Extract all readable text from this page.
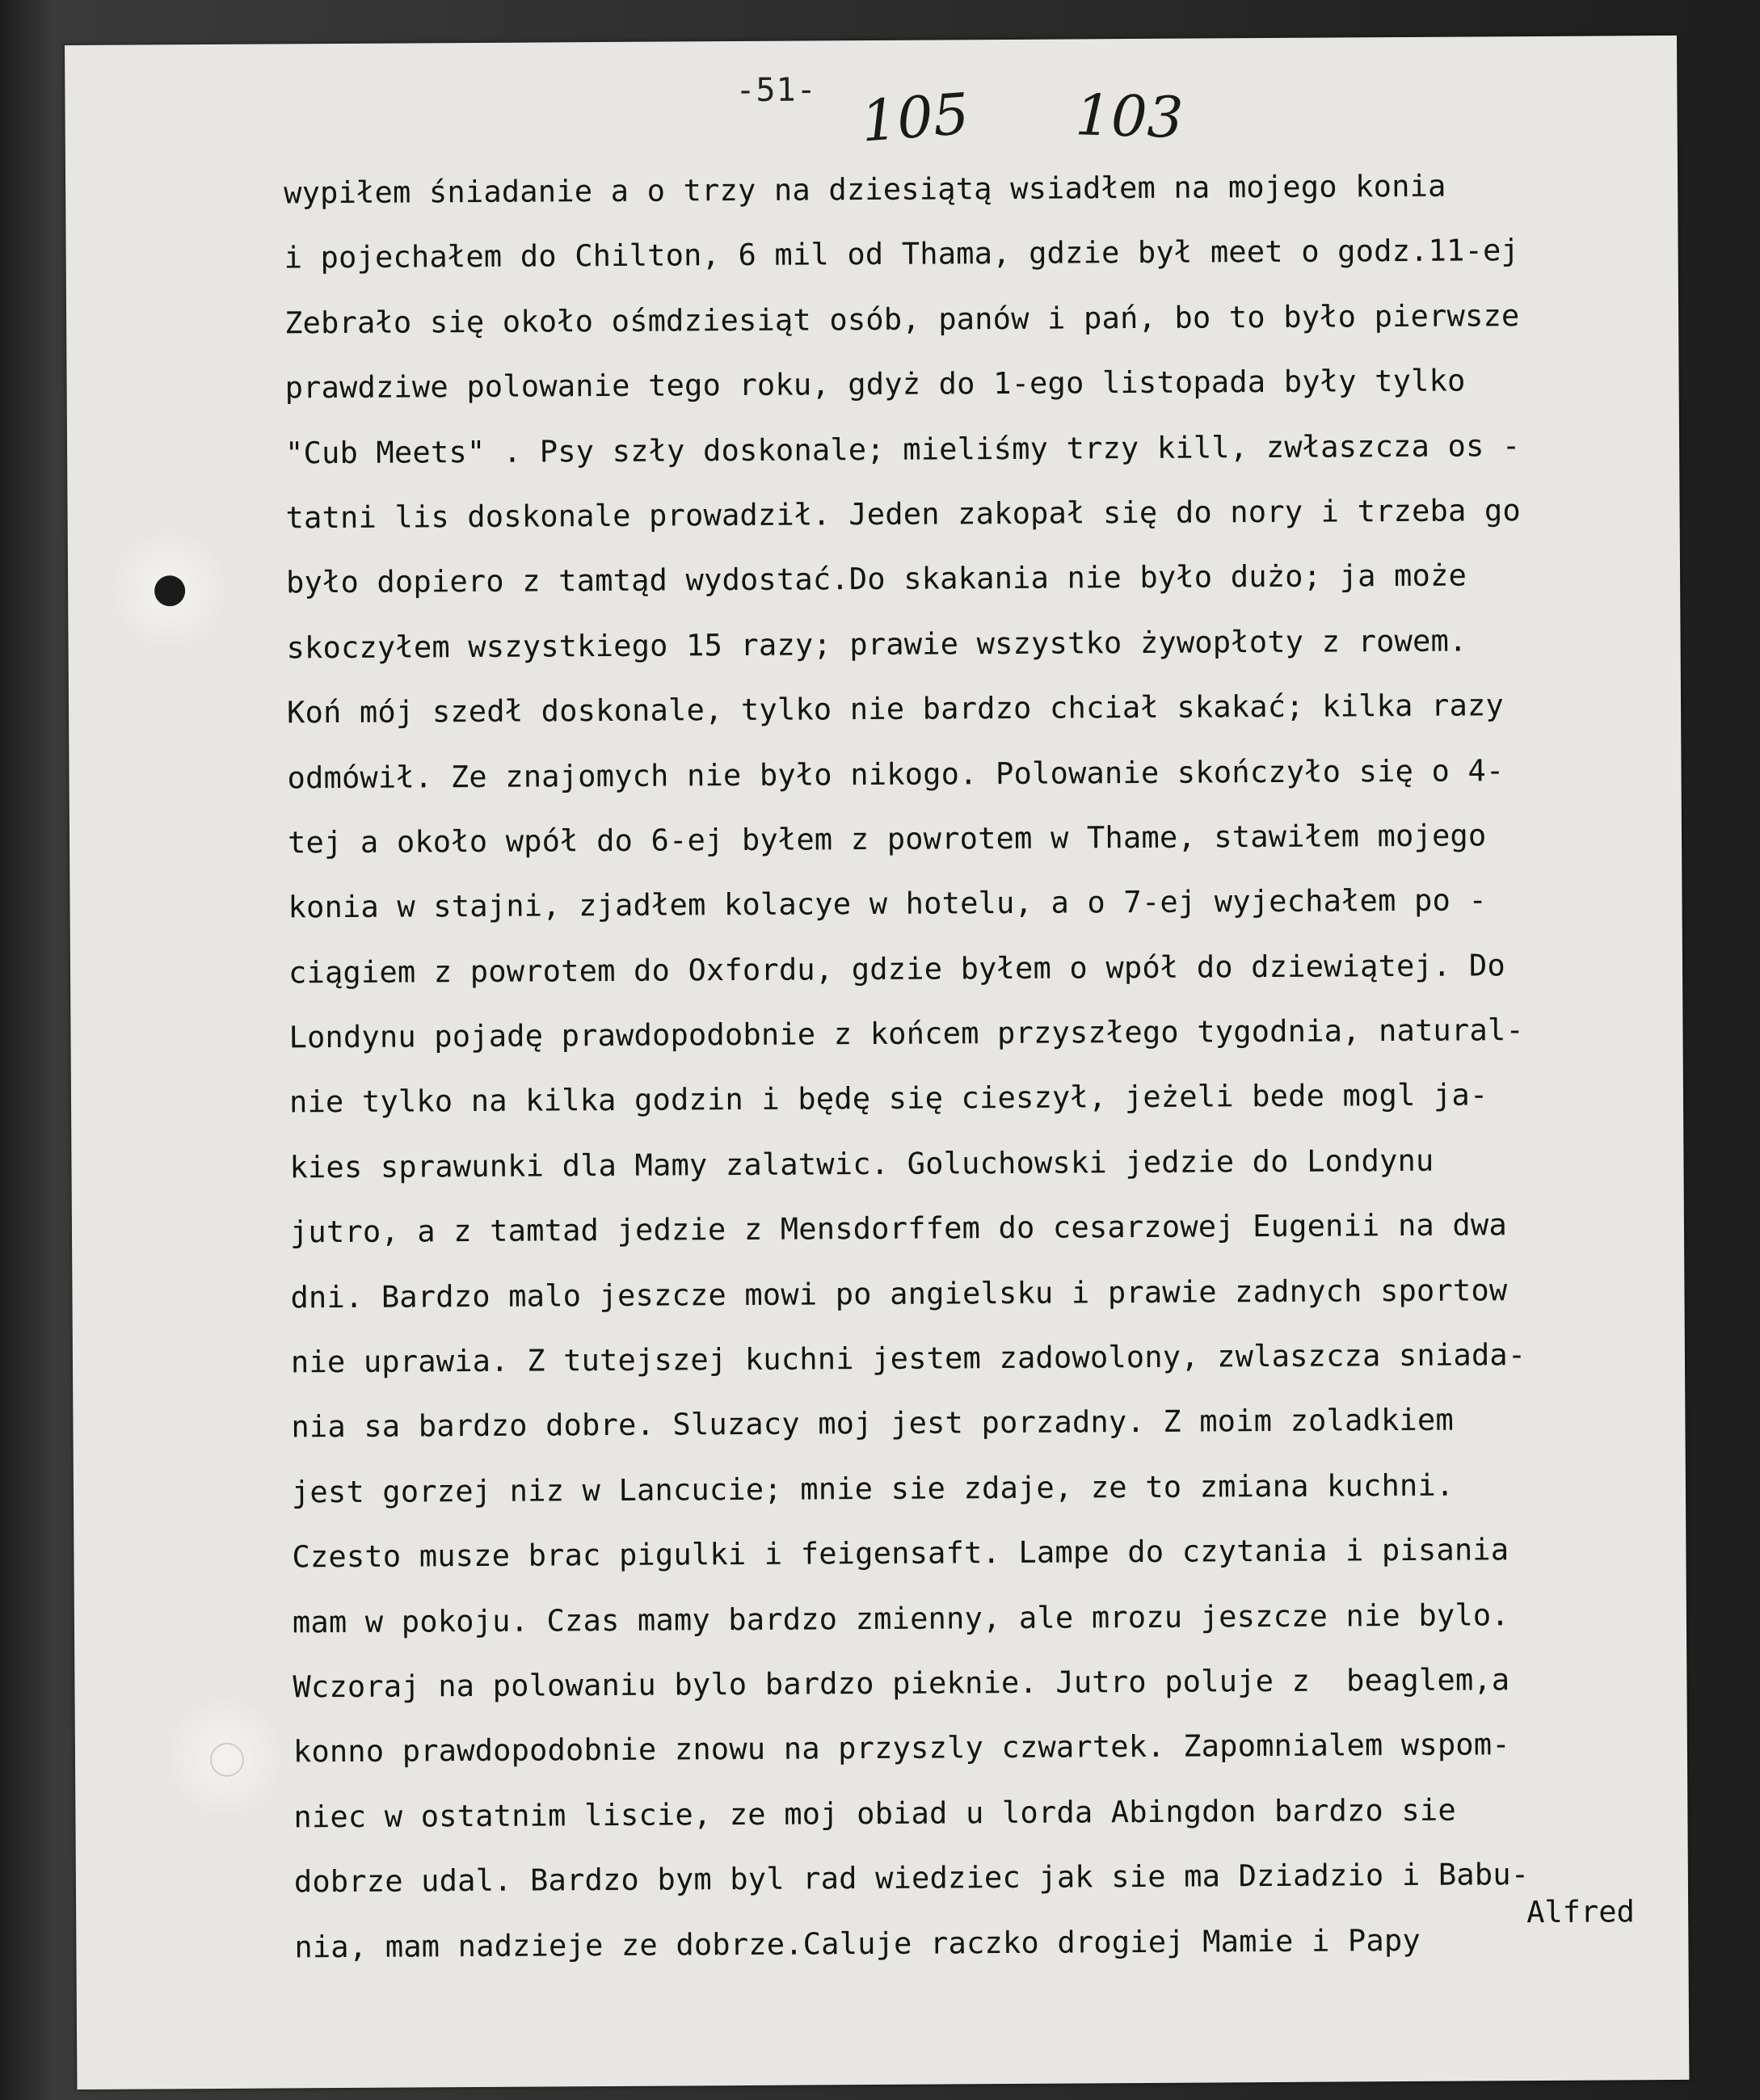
-51- 105 103
wypiłem śniadanie a o trzy na dziesiątą wsiadłem na mojego konia
i pojechałem do Chilton, 6 mil od Thama, gdzie był meet o godz.11-ej
Zebrało się około ośmdziesiąt osób, panów i pań, bo to było pierwsze
prawdziwe polowanie tego roku, gdyż do 1-ego listopada były tylko
"Cub Meets" . Psy szły doskonale; mieliśmy trzy kill, zwłaszcza os -
tatni lis doskonale prowadził. Jeden zakopał się do nory i trzeba go
było dopiero z tamtąd wydostać.Do skakania nie było dużo; ja może
skoczyłem wszystkiego 15 razy; prawie wszystko żywopłoty z rowem.
Koń mój szedł doskonale, tylko nie bardzo chciał skakać; kilka razy
odmówił. Ze znajomych nie było nikogo. Polowanie skończyło się o 4-
tej a około wpół do 6-ej byłem z powrotem w Thame, stawiłem mojego
konia w stajni, zjadłem kolacye w hotelu, a o 7-ej wyjechałem po -
ciągiem z powrotem do Oxfordu, gdzie byłem o wpół do dziewiątej. Do
Londynu pojadę prawdopodobnie z końcem przyszłego tygodnia, natural-
nie tylko na kilka godzin i będę się cieszył, jeżeli bede mogl ja-
kies sprawunki dla Mamy zalatwic. Goluchowski jedzie do Londynu
jutro, a z tamtad jedzie z Mensdorffem do cesarzowej Eugenii na dwa
dni. Bardzo malo jeszcze mowi po angielsku i prawie zadnych sportow
nie uprawia. Z tutejszej kuchni jestem zadowolony, zwlaszcza sniada-
nia sa bardzo dobre. Sluzacy moj jest porzadny. Z moim zoladkiem
jest gorzej niz w Lancucie; mnie sie zdaje, ze to zmiana kuchni.
Czesto musze brac pigulki i feigensaft. Lampe do czytania i pisania
mam w pokoju. Czas mamy bardzo zmienny, ale mrozu jeszcze nie bylo.
Wczoraj na polowaniu bylo bardzo pieknie. Jutro poluje z  beaglem,a
konno prawdopodobnie znowu na przyszly czwartek. Zapomnialem wspom-
niec w ostatnim liscie, ze moj obiad u lorda Abingdon bardzo sie
dobrze udal. Bardzo bym byl rad wiedziec jak sie ma Dziadzio i Babu-
nia, mam nadzieje ze dobrze.Caluje raczko drogiej Mamie i Papy
Alfred
